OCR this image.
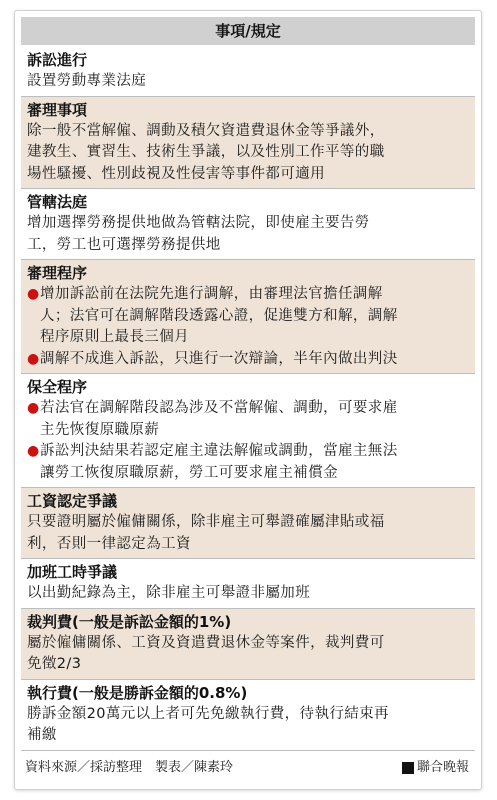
事項/規定
訴訟進行
設置勞動專業法庭
審理事項
除一般不當解僱、調動及積欠資遣費退休金等爭議外，
建教生、實習生、技術生爭議，以及性別工作平等的職
場性騷擾、性別歧視及性侵害等事件都可適用
管轄法庭
增加選擇勞務提供地做為管轄法院，即使雇主要告勞
工，勞工也可選擇勞務提供地
審理程序
● 增加訴訟前在法院先進行調解，由審理法官擔任調解
人；法官可在調解階段透露心證，促進雙方和解，調解
程序原則上最長三個月
● 調解不成進入訴訟，只進行一次辯論，半年內做出判決
保全程序
● 若法官在調解階段認為涉及不當解僱、調動，可要求雇
主先恢復原職原薪
● 訴訟判決結果若認定雇主違法解僱或調動，當雇主無法
讓勞工恢復原職原薪，勞工可要求雇主補償金
工資認定爭議
只要證明屬於僱傭關係，除非雇主可舉證確屬津貼或福
利，否則一律認定為工資
加班工時爭議
以出勤紀錄為主，除非雇主可舉證非屬加班
裁判費(一般是訴訟金額的1%)
屬於僱傭關係、工資及資遣費退休金等案件，裁判費可
免徵2/3
執行費(一般是勝訴金額的0.8%)
勝訴金額20萬元以上者可先免繳執行費，待執行結束再
補繳
資料來源／採訪整理　製表／陳素玲	聯合晚報
